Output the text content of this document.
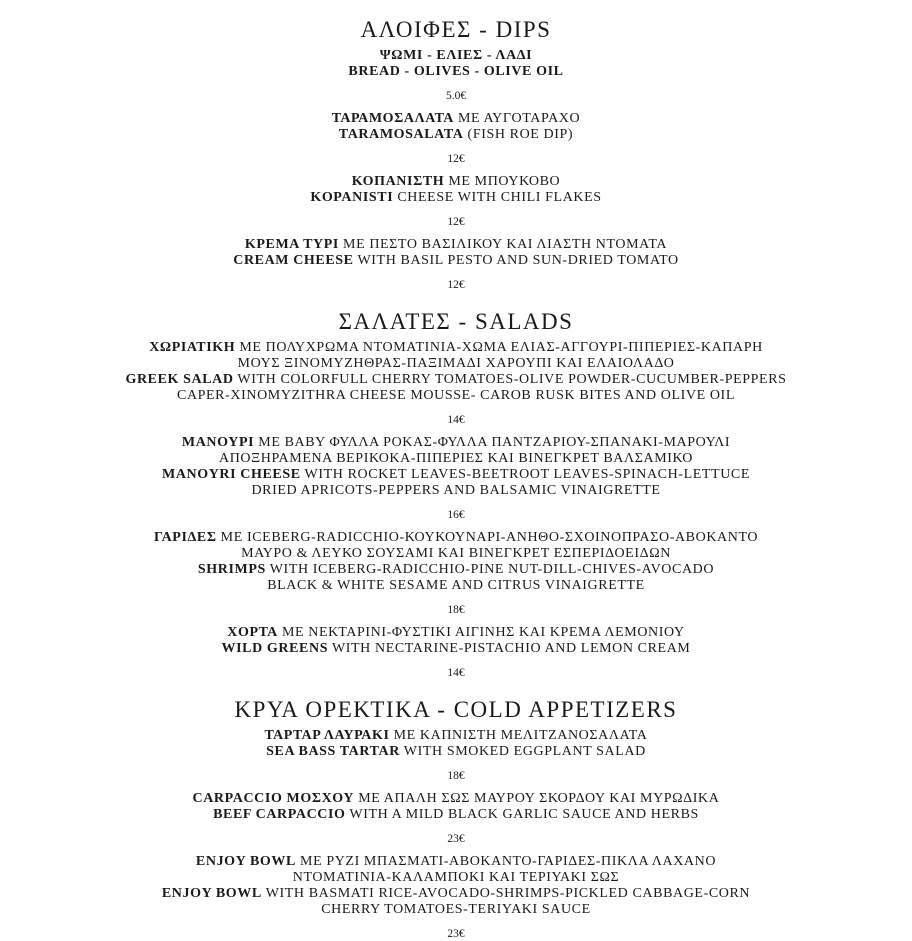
ΑΛΟΙΦΕΣ - DIPS
ΨΩΜΙ - ΕΛΙΕΣ - ΛΑΔΙ
BREAD - OLIVES - OLIVE OIL
5.0€
ΤΑΡΑΜΟΣΑΛΑΤΑ ΜΕ ΑΥΓΟΤΑΡΑΧΟ
TARAMOSALATA (FISH ROE DIP)
12€
ΚΟΠΑΝΙΣΤΗ ΜΕ ΜΠΟΥΚΟΒΟ
KOPANISTI CHEESE WITH CHILI FLAKES
12€
ΚΡΕΜΑ ΤΥΡΙ ΜΕ ΠΕΣΤΟ ΒΑΣΙΛΙΚΟΥ ΚΑΙ ΛΙΑΣΤΗ ΝΤΟΜΑΤΑ
CREAM CHEESE WITH BASIL PESTO AND SUN-DRIED TOMATO
12€
ΣΑΛΑΤΕΣ - SALADS
ΧΩΡΙΑΤΙΚΗ ΜΕ ΠΟΛΥΧΡΩΜΑ ΝΤΟΜΑΤΙΝΙΑ-ΧΩΜΑ ΕΛΙΑΣ-ΑΓΓΟΥΡΙ-ΠΙΠΕΡΙΕΣ-ΚΑΠΑΡΗ
ΜΟΥΣ ΞΙΝΟΜΥΖΗΘΡΑΣ-ΠΑΞΙΜΑΔΙ ΧΑΡΟΥΠΙ ΚΑΙ ΕΛΑΙΟΛΑΔΟ
GREEK SALAD WITH COLORFULL CHERRY TOMATOES-OLIVE POWDER-CUCUMBER-PEPPERS
CAPER-XINOMYZITHRA CHEESE MOUSSE- CAROB RUSK BITES AND OLIVE OIL
14€
ΜΑΝΟΥΡΙ ΜΕ BABY ΦΥΛΛΑ ΡΟΚΑΣ-ΦΥΛΛΑ ΠΑΝΤΖΑΡΙΟΥ-ΣΠΑΝΑΚΙ-ΜΑΡΟΥΛΙ
ΑΠΟΞΗΡΑΜΕΝΑ ΒΕΡΙΚΟΚΑ-ΠΙΠΕΡΙΕΣ ΚΑΙ ΒΙΝΕΓΚΡΕΤ ΒΑΛΣΑΜΙΚΟ
MANOYRI CHEESE WITH ROCKET LEAVES-BEETROOT LEAVES-SPINACH-LETTUCE
DRIED APRICOTS-PEPPERS AND BALSAMIC VINAIGRETTE
16€
ΓΑΡΙΔΕΣ ΜΕ ICEBERG-RADICCHIO-ΚΟΥΚΟΥΝΑΡΙ-ΑΝΗΘΟ-ΣΧΟΙΝΟΠΡΑΣΟ-ΑΒΟΚΑΝΤΟ
ΜΑΥΡΟ & ΛΕΥΚΟ ΣΟΥΣΑΜΙ ΚΑΙ ΒΙΝΕΓΚΡΕΤ ΕΣΠΕΡΙΔΟΕΙΔΩΝ
SHRIMPS WITH ICEBERG-RADICCHIO-PINE NUT-DILL-CHIVES-AVOCADO
BLACK & WHITE SESAME AND CITRUS VINAIGRETTE
18€
ΧΟΡΤΑ ΜΕ ΝΕΚΤΑΡΙΝΙ-ΦΥΣΤΙΚΙ ΑΙΓΙΝΗΣ ΚΑΙ ΚΡΕΜΑ ΛΕΜΟΝΙΟΥ
WILD GREENS WITH NECTARINE-PISTACHIO AND LEMON CREAM
14€
ΚΡΥΑ ΟΡΕΚΤΙΚΑ - COLD APPETIZERS
ΤΑΡΤΑΡ ΛΑΥΡΑΚΙ ΜΕ ΚΑΠΝΙΣΤΗ ΜΕΛΙΤΖΑΝΟΣΑΛΑΤΑ
SEA BASS TARTAR WITH SMOKED EGGPLANT SALAD
18€
CARPACCIO ΜΟΣΧΟΥ ΜΕ ΑΠΑΛΗ ΣΩΣ ΜΑΥΡΟΥ ΣΚΟΡΔΟΥ ΚΑΙ ΜΥΡΩΔΙΚΑ
BEEF CARPACCIO WITH A MILD BLACK GARLIC SAUCE AND HERBS
23€
ENJOY BOWL ΜΕ ΡΥΖΙ ΜΠΑΣΜΑΤΙ-ΑΒΟΚΑΝΤΟ-ΓΑΡΙΔΕΣ-ΠΙΚΛΑ ΛΑΧΑΝΟ
ΝΤΟΜΑΤΙΝΙΑ-ΚΑΛΑΜΠΟΚΙ ΚΑΙ ΤΕΡΙΥΑΚΙ ΣΩΣ
ENJOY BOWL WITH BASMATI RICE-AVOCADO-SHRIMPS-PICKLED CABBAGE-CORN
CHERRY TOMATOES-TERIYAKI SAUCE
23€
